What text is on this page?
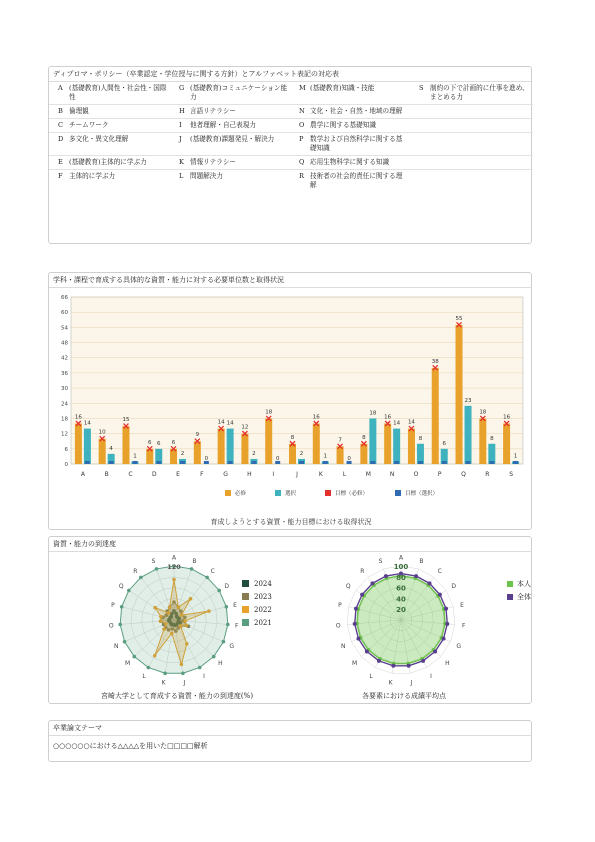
ディプロマ・ポリシー（卒業認定・学位授与に関する方針）とアルファベット表記の対応表
A	(基礎教育)人間性・社会性・国際性	G	(基礎教育)コミュニケーション能力	M	(基礎教育)知識・技能	S	制約の下で計画的に仕事を進め、まとめる力
B	倫理観	H	言語リテラシー	N	文化・社会・自然・地域の理解		
C	チームワーク	I	他者理解・自己表現力	O	農学に関する基礎知識		
D	多文化・異文化理解	J	(基礎教育)課題発見・解決力	P	数学および自然科学に関する基礎知識		
E	(基礎教育)主体的に学ぶ力	K	情報リテラシー	Q	応用生物科学に関する知識		
F	主体的に学ぶ力	L	問題解決力	R	技術者の社会的責任に関する理解		
学科・課程で育成する具体的な資質・能力に対する必要単位数と取得状況
0
6
12
18
24
30
36
42
48
54
60
66
A
16
14
B
10
4
C
15
1
D
6 6
E
6
2
F
9
0
G
14 14
H
12
2
I
18
0
J
8
2
K
16
1
L
7
0
M
8
18
N
16
14
O
14
8
P
38
6
Q
55
23
R
18
8
S
16
1
必修	選択	目標（必修）	目標（選択）
育成しようとする資質・能力目標における取得状況
資質・能力の到達度
A	B
C
D
E
F
G
H
I
J
K
L
M
N
O
P
Q
R
S
120
2024
2023
2022
2021
A	B
C
D
E
F
G
H
I
J
K
L
M
N
O
P
Q
R
S
20
40
60
80
100
本人
全体
宮崎大学として育成する資質・能力の到達度(%)	各要素における成績平均点
卒業論文テーマ
○○○○○○における△△△△を用いた□□□□解析
